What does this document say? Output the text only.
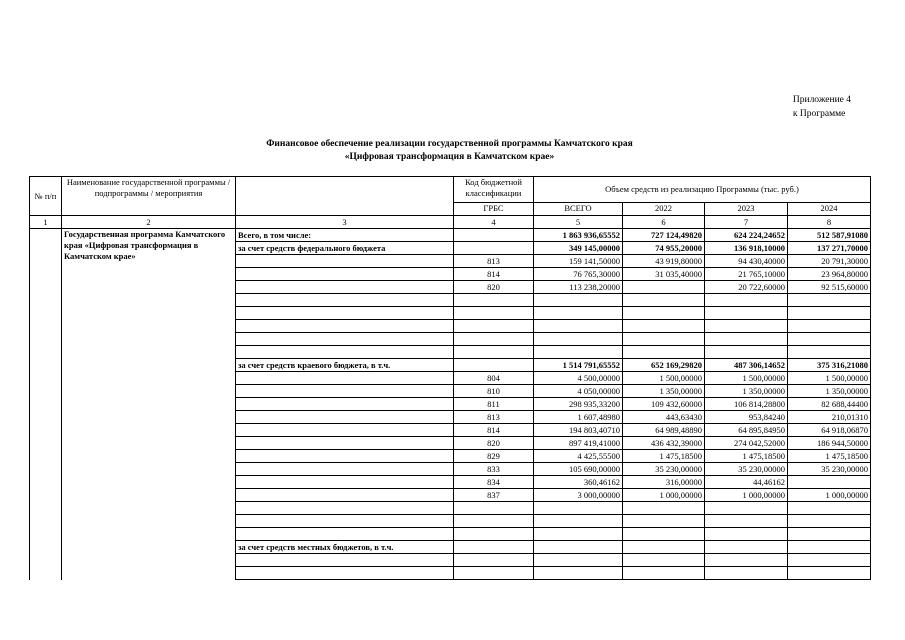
Приложение 4
к Программе
Финансовое обеспечение реализации государственной программы Камчатского края
«Цифровая трансформация в Камчатском крае»
№ п/п	Наименование государственной программы / подпрограммы / мероприятия		Код бюджетной классификации	Объем средств из реализацию Программы (тыс. руб.)			
			ГРБС	ВСЕГО	2022	2023	2024
1	2	3	4	5	6	7	8
	Государственная программа Камчатского края «Цифровая трансформация в Камчатском крае»	Всего, в том числе:		1 863 936,65552	727 124,49820	624 224,24652	512 587,91080
		за счет средств федерального бюджета		349 145,00000	74 955,20000	136 918,10000	137 271,70000
			813	159 141,50000	43 919,80000	94 430,40000	20 791,30000
			814	76 765,30000	31 035,40000	21 765,10000	23 964,80000
			820	113 238,20000		20 722,60000	92 515,60000

		за счет средств краевого бюджета, в т.ч.		1 514 791,65552	652 169,29820	487 306,14652	375 316,21080
			804	4 500,00000	1 500,00000	1 500,00000	1 500,00000
			810	4 050,00000	1 350,00000	1 350,00000	1 350,00000
			811	298 935,33200	109 432,60000	106 814,28800	82 688,44400
			813	1 607,48980	443,63430	953,84240	210,01310
			814	194 803,40710	64 989,48890	64 895,84950	64 918,06870
			820	897 419,41000	436 432,39000	274 042,52000	186 944,50000
			829	4 425,55500	1 475,18500	1 475,18500	1 475,18500
			833	105 690,00000	35 230,00000	35 230,00000	35 230,00000
			834	360,46162	316,00000	44,46162	
			837	3 000,00000	1 000,00000	1 000,00000	1 000,00000

		за счет средств местных бюджетов, в т.ч.					
